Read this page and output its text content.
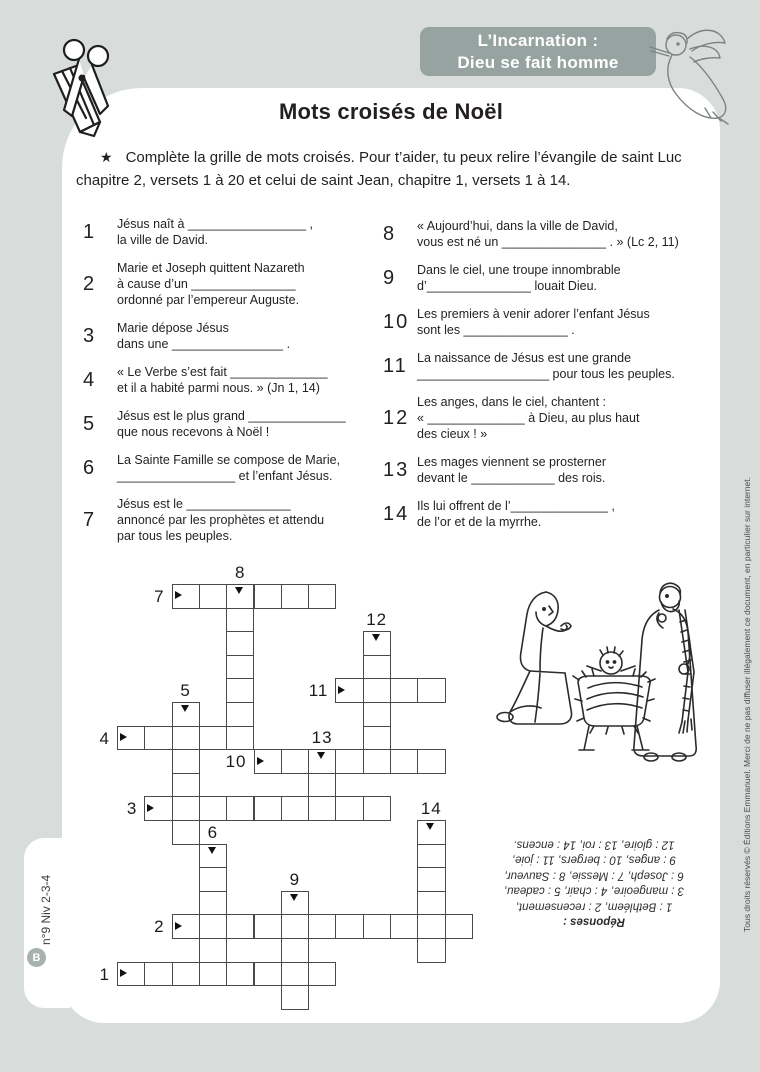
L’Incarnation :
Dieu se fait homme
Mots croisés de Noël
★ Complète la grille de mots croisés. Pour t’aider, tu peux relire l’évangile de saint Luc
chapitre 2, versets 1 à 20 et celui de saint Jean, chapitre 1, versets 1 à 14.
1	Jésus naît à _________________ ,
la ville de David.
2
Marie et Joseph quittent Nazareth
à cause d’un _______________
ordonné par l’empereur Auguste.
3	Marie dépose Jésus
dans une ________________ .
4	« Le Verbe s’est fait ______________
et il a habité parmi nous. » (Jn 1, 14)
5	Jésus est le plus grand ______________
que nous recevons à Noël !
6	La Sainte Famille se compose de Marie,
_________________ et l’enfant Jésus.
7
Jésus est le _______________
annoncé par les prophètes et attendu
par tous les peuples.
8	« Aujourd’hui, dans la ville de David,
vous est né un _______________ . » (Lc 2, 11)
9	Dans le ciel, une troupe innombrable
d’_______________ louait Dieu.
10 Les premiers à venir adorer l’enfant Jésus
sont les _______________ .
11 La naissance de Jésus est une grande
___________________ pour tous les peuples.
12
Les anges, dans le ciel, chantent :
« ______________ à Dieu, au plus haut
des cieux ! »
13 Les mages viennent se prosterner
devant le ____________ des rois.
14 Ils lui offrent de l’______________ ,
de l’or et de la myrrhe.
7
8
12
11
5
4
10
13
3	14
6
9
2
1
Réponses :
1 : Bethléem, 2 : recensement,
3 : mangeoire, 4 : chair, 5 : cadeau,
6 : Joseph, 7 : Messie, 8 : Sauveur,
9 : anges, 10 : bergers, 11 : joie,
12 : gloire, 13 : roi, 14 : encens.	Tous droits réservés © Éditions Emmanuel. Merci de ne pas diffuser illégalement ce document, en particulier sur internet.
n°9 Niv 2-3-4
B
